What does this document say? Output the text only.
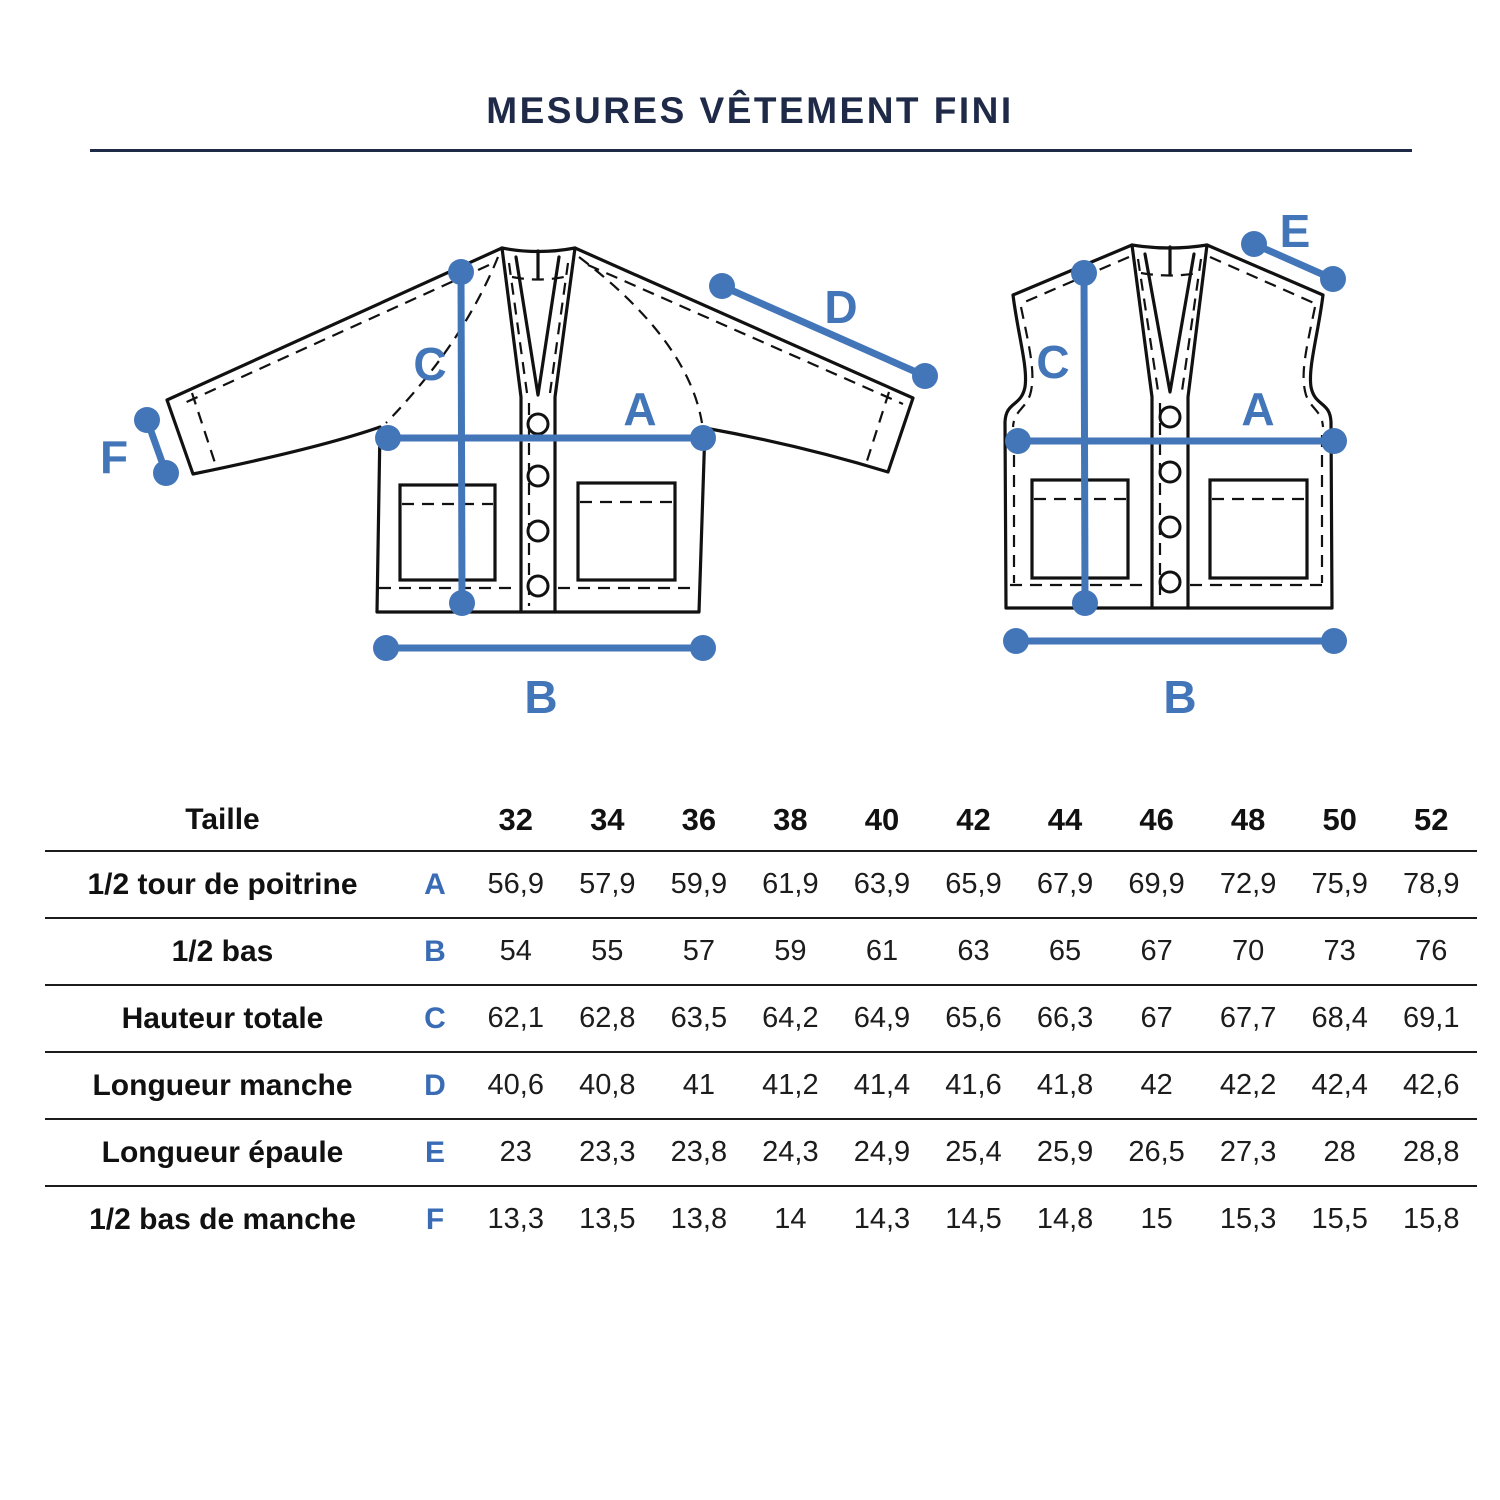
MESURES VÊTEMENT FINI
C
A
D
F
B
C
A
E
B
Taille	32	34	36	38	40	42	44	46	48	50	52
1/2 tour de poitrine	A	56,9	57,9	59,9	61,9	63,9	65,9	67,9	69,9	72,9	75,9	78,9
1/2 bas	B	54	55	57	59	61	63	65	67	70	73	76
Hauteur totale	C	62,1	62,8	63,5	64,2	64,9	65,6	66,3	67	67,7	68,4	69,1
Longueur manche	D	40,6	40,8	41	41,2	41,4	41,6	41,8	42	42,2	42,4	42,6
Longueur épaule	E	23	23,3	23,8	24,3	24,9	25,4	25,9	26,5	27,3	28	28,8
1/2 bas de manche	F	13,3	13,5	13,8	14	14,3	14,5	14,8	15	15,3	15,5	15,8
